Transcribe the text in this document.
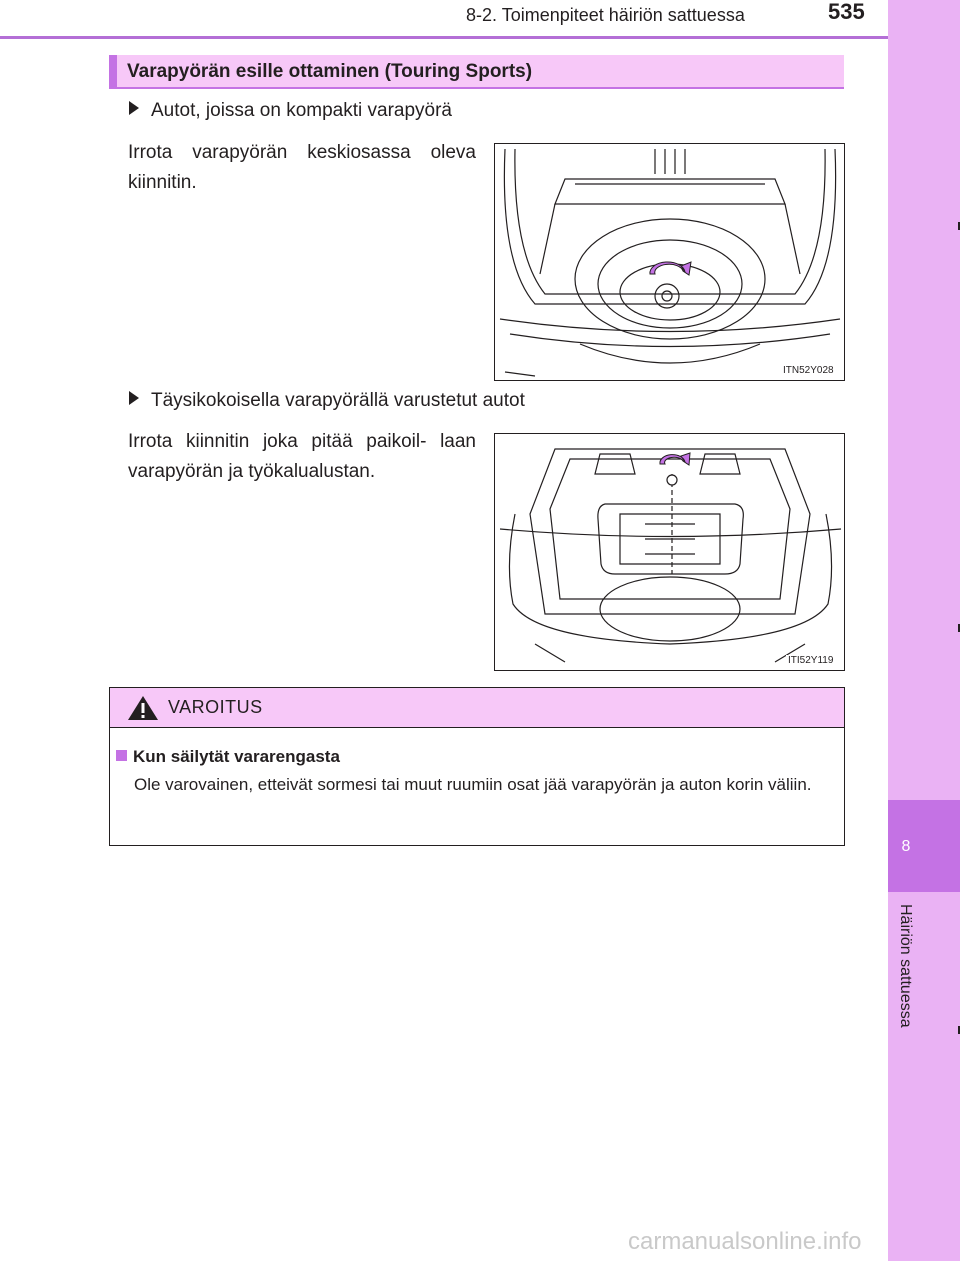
8-2. Toimenpiteet häiriön sattuessa	535
8
Häiriön sattuessa
Varapyörän esille ottaminen (Touring Sports)
Autot, joissa on kompakti varapyörä
Irrota varapyörän keskiosassa oleva kiinnitin.
ITN52Y028
Täysikokoisella varapyörällä varustetut autot
Irrota kiinnitin joka pitää paikoil- laan varapyörän ja työkalualustan.
ITI52Y119
VAROITUS
Kun säilytät vararengasta
Ole varovainen, etteivät sormesi tai muut ruumiin osat jää varapyörän ja auton korin väliin.
carmanualsonline.info
